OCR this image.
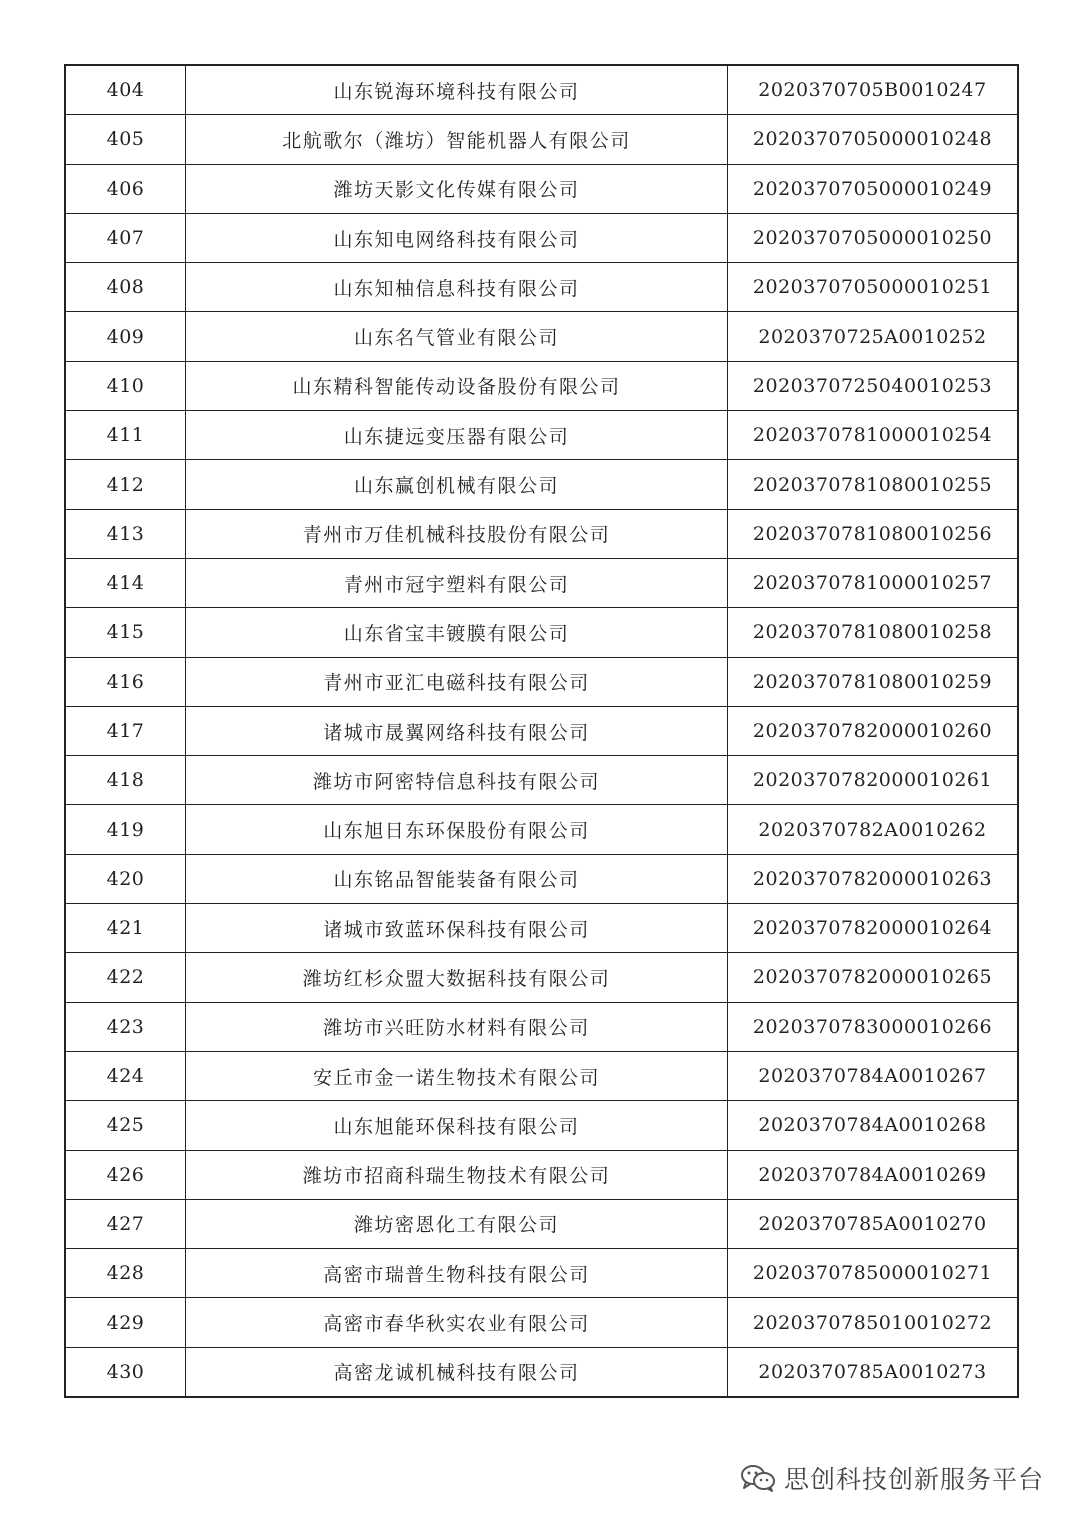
404	山东锐海环境科技有限公司	2020370705B0010247
405	北航歌尔（潍坊）智能机器人有限公司	2020370705000010248
406	潍坊天影文化传媒有限公司	2020370705000010249
407	山东知电网络科技有限公司	2020370705000010250
408	山东知柚信息科技有限公司	2020370705000010251
409	山东名气管业有限公司	2020370725A0010252
410	山东精科智能传动设备股份有限公司	2020370725040010253
411	山东捷远变压器有限公司	2020370781000010254
412	山东赢创机械有限公司	2020370781080010255
413	青州市万佳机械科技股份有限公司	2020370781080010256
414	青州市冠宇塑料有限公司	2020370781000010257
415	山东省宝丰镀膜有限公司	2020370781080010258
416	青州市亚汇电磁科技有限公司	2020370781080010259
417	诸城市晟翼网络科技有限公司	2020370782000010260
418	潍坊市阿密特信息科技有限公司	2020370782000010261
419	山东旭日东环保股份有限公司	2020370782A0010262
420	山东铭品智能装备有限公司	2020370782000010263
421	诸城市致蓝环保科技有限公司	2020370782000010264
422	潍坊红杉众盟大数据科技有限公司	2020370782000010265
423	潍坊市兴旺防水材料有限公司	2020370783000010266
424	安丘市金一诺生物技术有限公司	2020370784A0010267
425	山东旭能环保科技有限公司	2020370784A0010268
426	潍坊市招商科瑞生物技术有限公司	2020370784A0010269
427	潍坊密恩化工有限公司	2020370785A0010270
428	高密市瑞普生物科技有限公司	2020370785000010271
429	高密市春华秋实农业有限公司	2020370785010010272
430	高密龙诚机械科技有限公司	2020370785A0010273
思创科技创新服务平台
